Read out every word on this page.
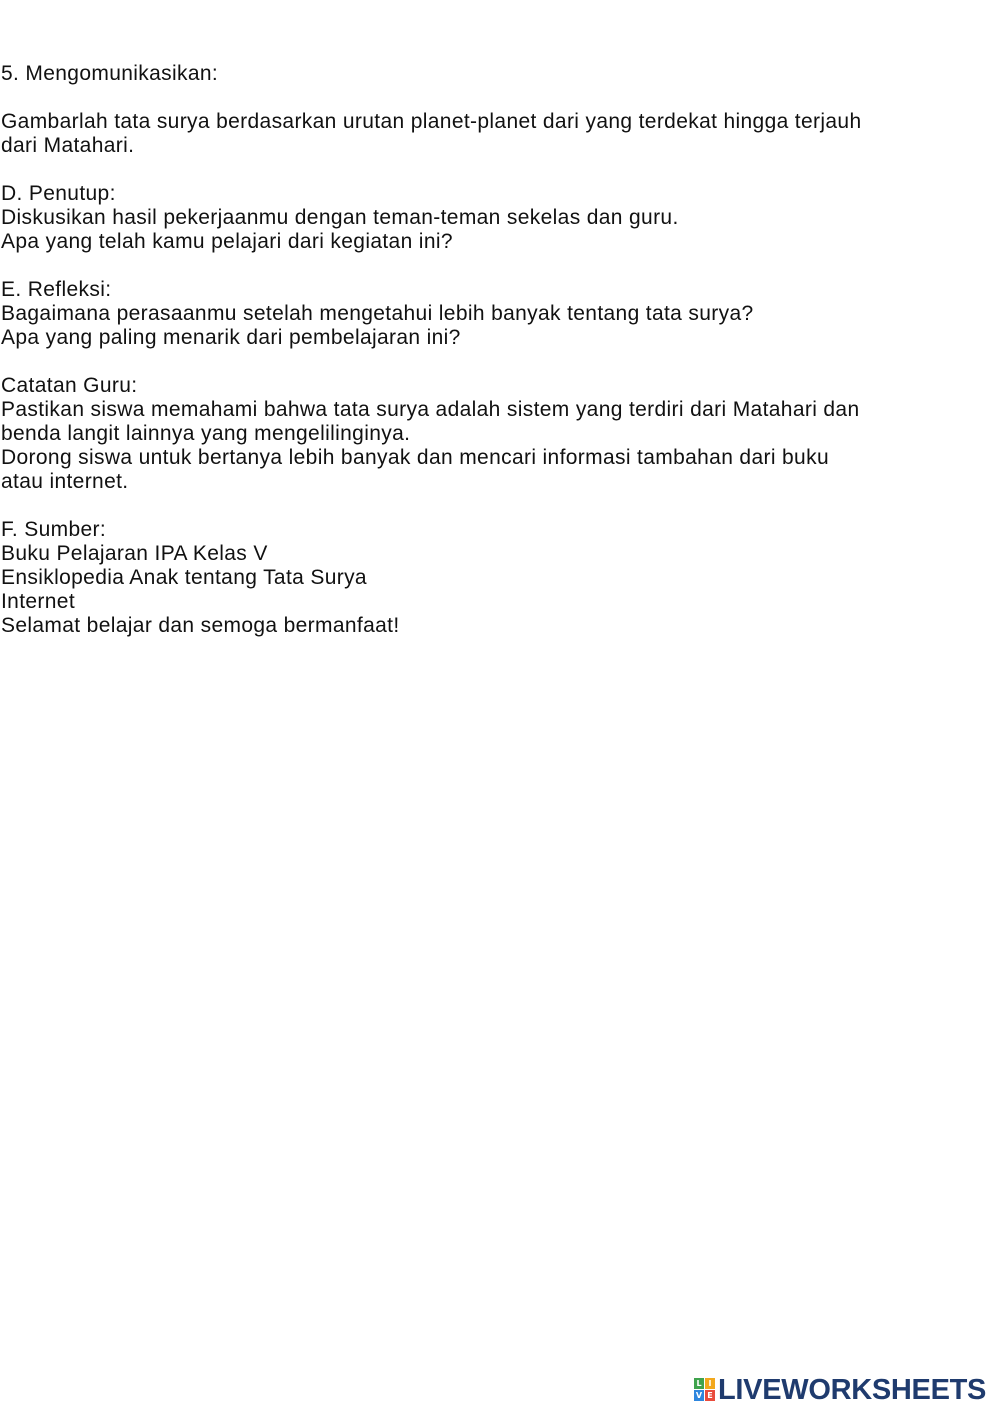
5. Mengomunikasikan:
Gambarlah tata surya berdasarkan urutan planet-planet dari yang terdekat hingga terjauh
dari Matahari.
D. Penutup:
Diskusikan hasil pekerjaanmu dengan teman-teman sekelas dan guru.
Apa yang telah kamu pelajari dari kegiatan ini?
E. Refleksi:
Bagaimana perasaanmu setelah mengetahui lebih banyak tentang tata surya?
Apa yang paling menarik dari pembelajaran ini?
Catatan Guru:
Pastikan siswa memahami bahwa tata surya adalah sistem yang terdiri dari Matahari dan
benda langit lainnya yang mengelilinginya.
Dorong siswa untuk bertanya lebih banyak dan mencari informasi tambahan dari buku
atau internet.
F. Sumber:
Buku Pelajaran IPA Kelas V
Ensiklopedia Anak tentang Tata Surya
Internet
Selamat belajar dan semoga bermanfaat!
L I
V E LIVEWORKSHEETS
